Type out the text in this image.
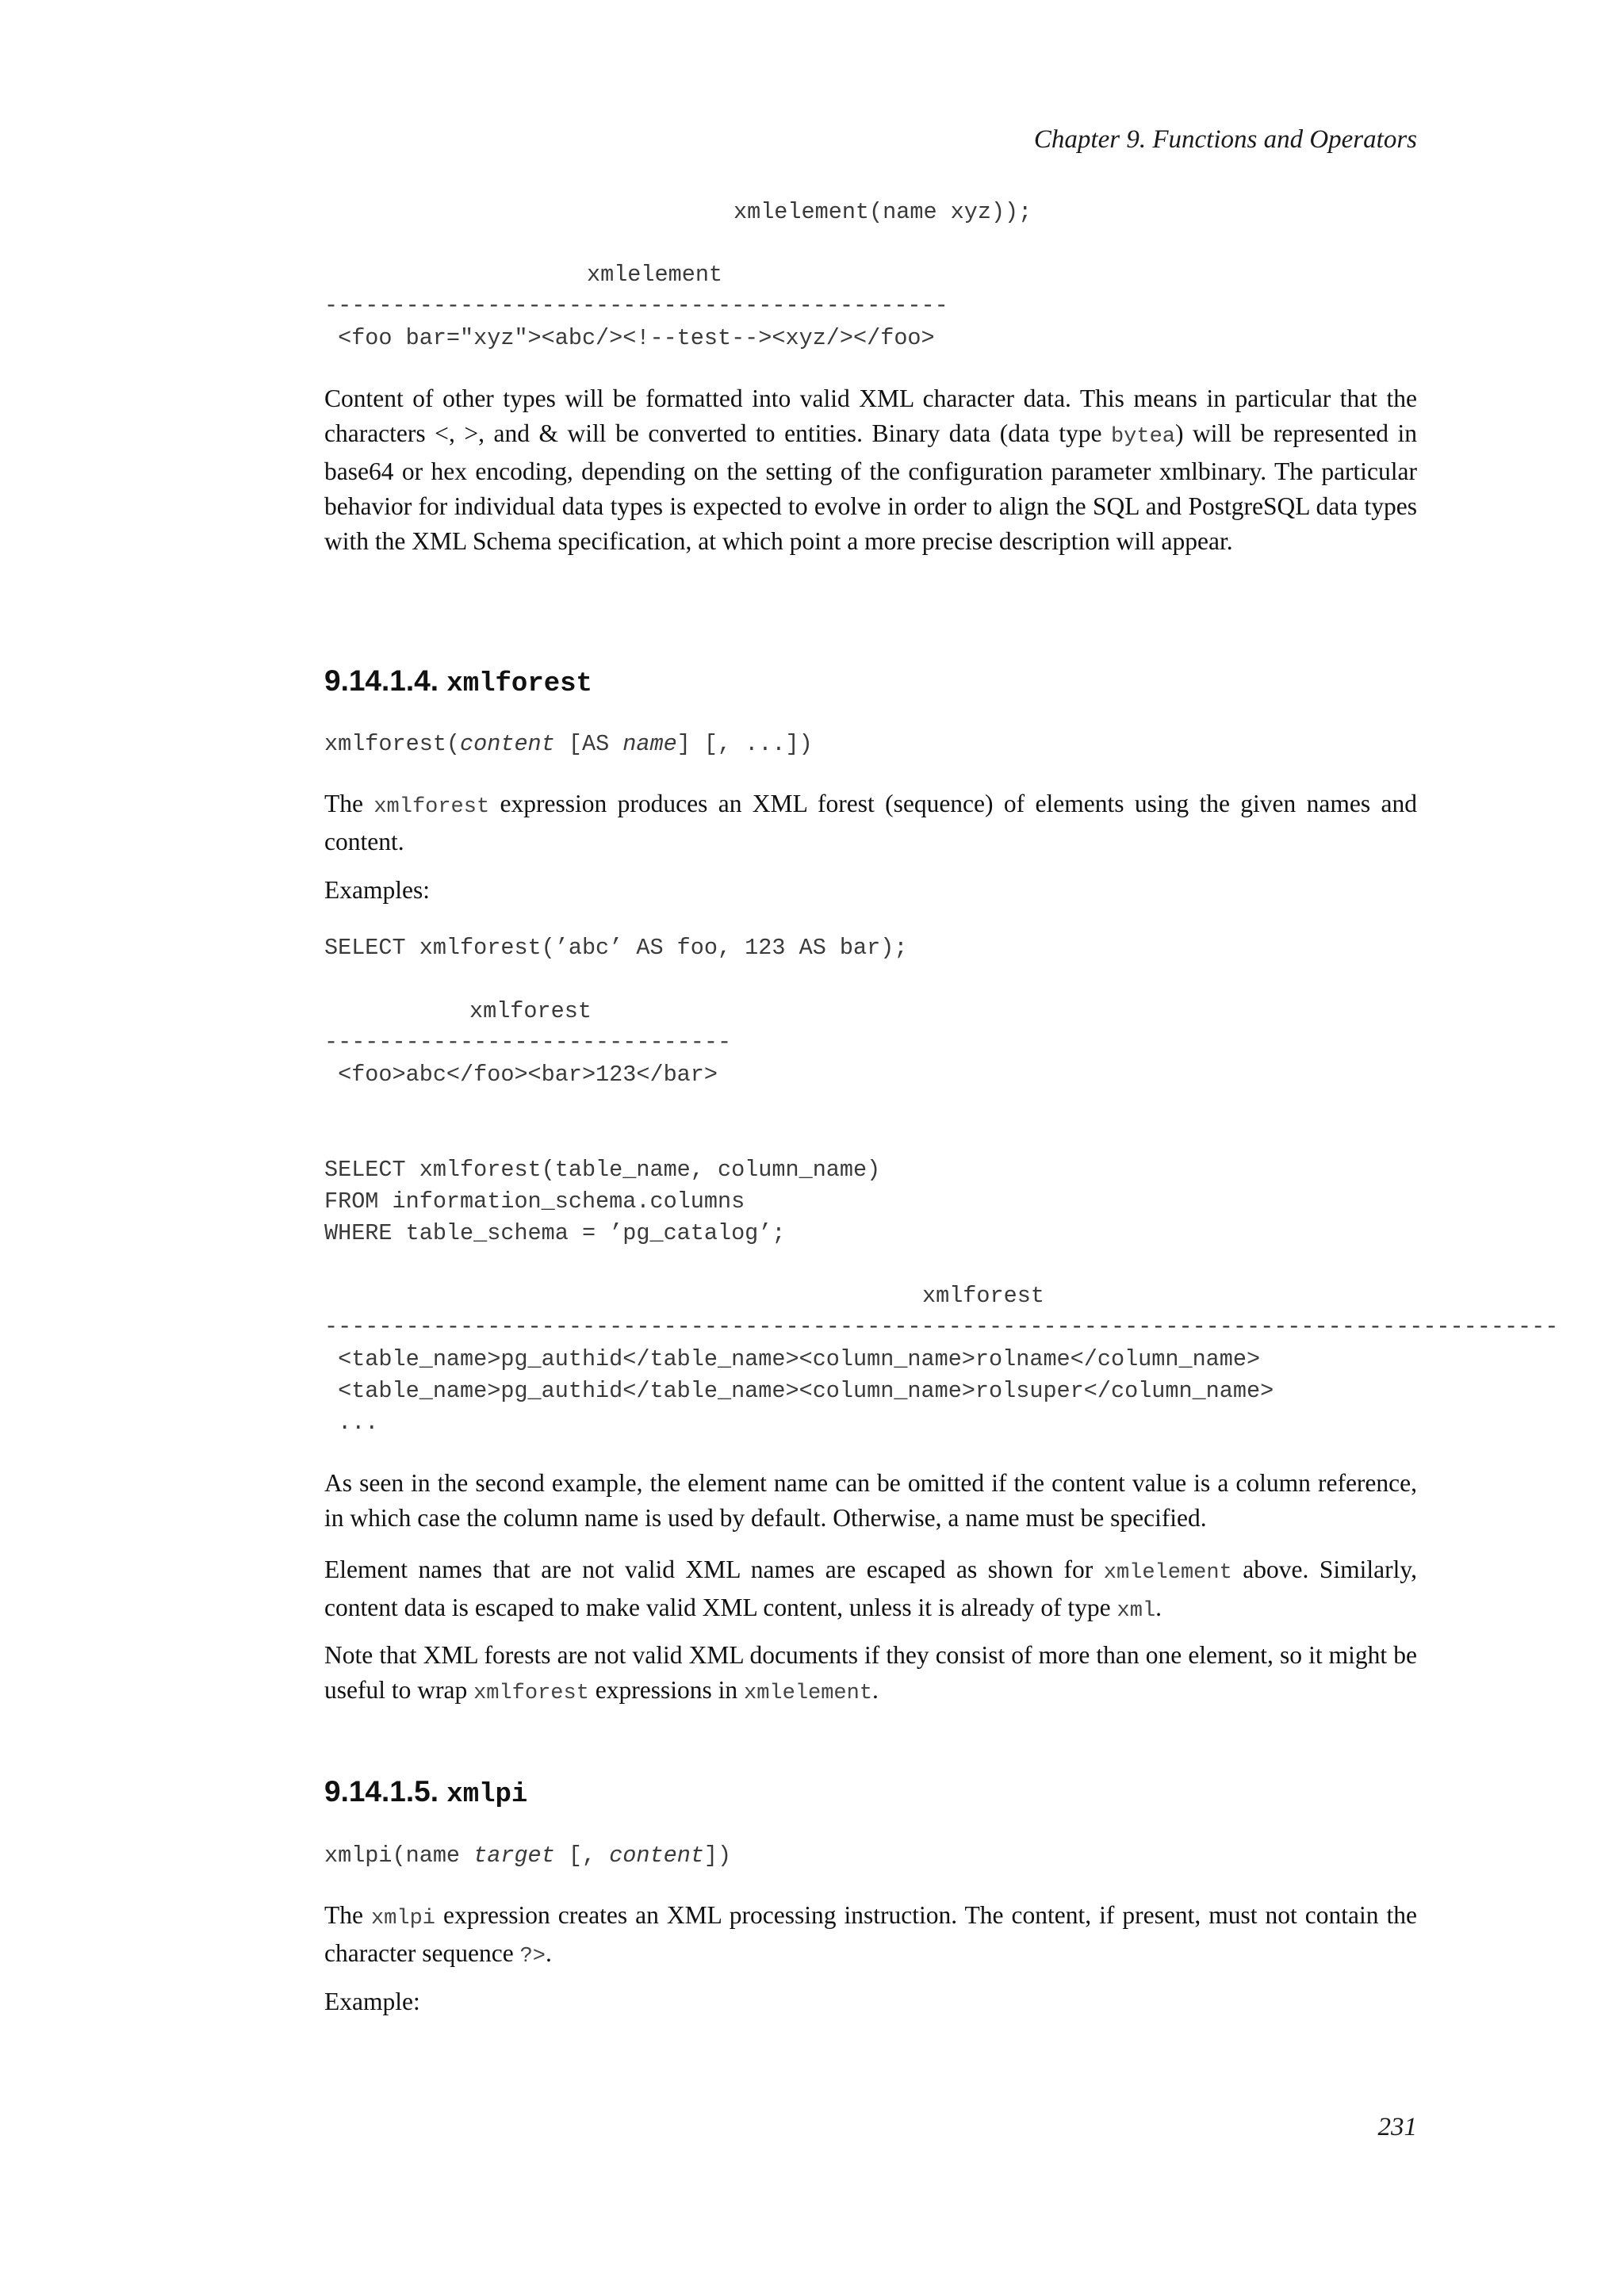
Chapter 9. Functions and Operators
xmlelement(name xyz));
xmlelement
----------------------------------------------
<foo bar="xyz"><abc/><!--test--><xyz/></foo>

Content of other types will be formatted into valid XML character data. This means in particular that the characters <, >, and & will be converted to entities. Binary data (data type bytea) will be represented in base64 or hex encoding, depending on the setting of the configuration parameter xmlbinary. The particular behavior for individual data types is expected to evolve in order to align the SQL and PostgreSQL data types with the XML Schema specification, at which point a more precise description will appear.

9.14.1.4. xmlforest
xmlforest(content [AS name] [, ...])

The xmlforest expression produces an XML forest (sequence) of elements using the given names and content.

Examples:

SELECT xmlforest(’abc’ AS foo, 123 AS bar);
xmlforest
------------------------------
<foo>abc</foo><bar>123</bar>
SELECT xmlforest(table_name, column_name)
FROM information_schema.columns
WHERE table_schema = ’pg_catalog’;
xmlforest
-------------------------------------------------------------------------------------------
<table_name>pg_authid</table_name><column_name>rolname</column_name>
<table_name>pg_authid</table_name><column_name>rolsuper</column_name>
...

As seen in the second example, the element name can be omitted if the content value is a column reference, in which case the column name is used by default. Otherwise, a name must be specified.

Element names that are not valid XML names are escaped as shown for xmlelement above. Similarly, content data is escaped to make valid XML content, unless it is already of type xml.

Note that XML forests are not valid XML documents if they consist of more than one element, so it might be useful to wrap xmlforest expressions in xmlelement.

9.14.1.5. xmlpi
xmlpi(name target [, content])

The xmlpi expression creates an XML processing instruction. The content, if present, must not contain the character sequence ?>.

Example:

231
